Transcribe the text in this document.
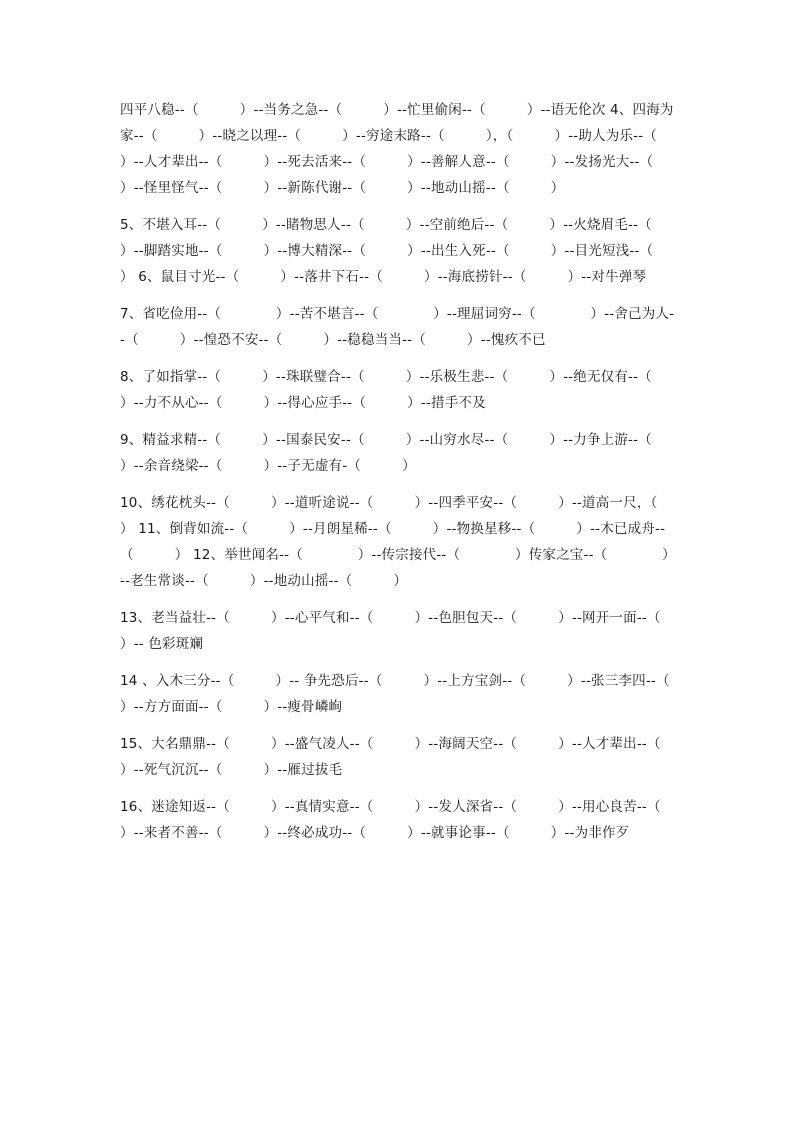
四平八稳--（　　　）--当务之急--（　　　）--忙里偷闲--（　　　）--语无伦次 4、四海为家--（　　　）--晓之以理--（　　　）--穷途末路--（　　　），（　　　）--助人为乐--（　　　）--人才辈出--（　　　）--死去活来--（　　　）--善解人意--（　　　）--发扬光大--（　　　）--怪里怪气--（　　　）--新陈代谢--（　　　）--地动山摇--（　　　）

5、不堪入耳--（　　　）--睹物思人--（　　　）--空前绝后--（　　　）--火烧眉毛--（　　　）--脚踏实地--（　　　）--博大精深--（　　　）--出生入死--（　　　）--目光短浅--（　　　） 6、鼠目寸光--（　　　）--落井下石--（　　　）--海底捞针--（　　　）--对牛弹琴

7、省吃俭用--（　　　　）--苦不堪言--（　　　　）--理屈词穷--（　　　　）--舍己为人--（　　　）--惶恐不安--（　　　）--稳稳当当--（　　　）--愧疚不已

8、了如指掌--（　　　）--珠联璧合--（　　　）--乐极生悲--（　　　）--绝无仅有--（　　　）--力不从心--（　　　）--得心应手--（　　　）--措手不及

9、精益求精--（　　　）--国泰民安--（　　　）--山穷水尽--（　　　）--力争上游--（　　　）--余音绕梁--（　　　）--子无虚有-（　　　）

10、绣花枕头--（　　　）--道听途说--（　　　）--四季平安--（　　　）--道高一尺，（　　　） 11、倒背如流--（　　　）--月朗星稀--（　　　）--物换星移--（　　　）--木已成舟--（　　　） 12、举世闻名--（　　　　）--传宗接代--（　　　　）传家之宝--（　　　　）--老生常谈--（　　　）--地动山摇--（　　　）

13、老当益壮--（　　　）--心平气和--（　　　）--色胆包天--（　　　）--网开一面--（　　　）-- 色彩斑斓

14 、入木三分--（　　　）-- 争先恐后--（　　　）--上方宝剑--（　　　）--张三李四--（　　　）--方方面面--（　　　）--瘦骨嶙峋

15、大名鼎鼎--（　　　）--盛气凌人--（　　　）--海阔天空--（　　　）--人才辈出--（　　　）--死气沉沉--（　　　）--雁过拔毛

16、迷途知返--（　　　）--真情实意--（　　　）--发人深省--（　　　）--用心良苦--（　　　）--来者不善--（　　　）--终必成功--（　　　）--就事论事--（　　　）--为非作歹
